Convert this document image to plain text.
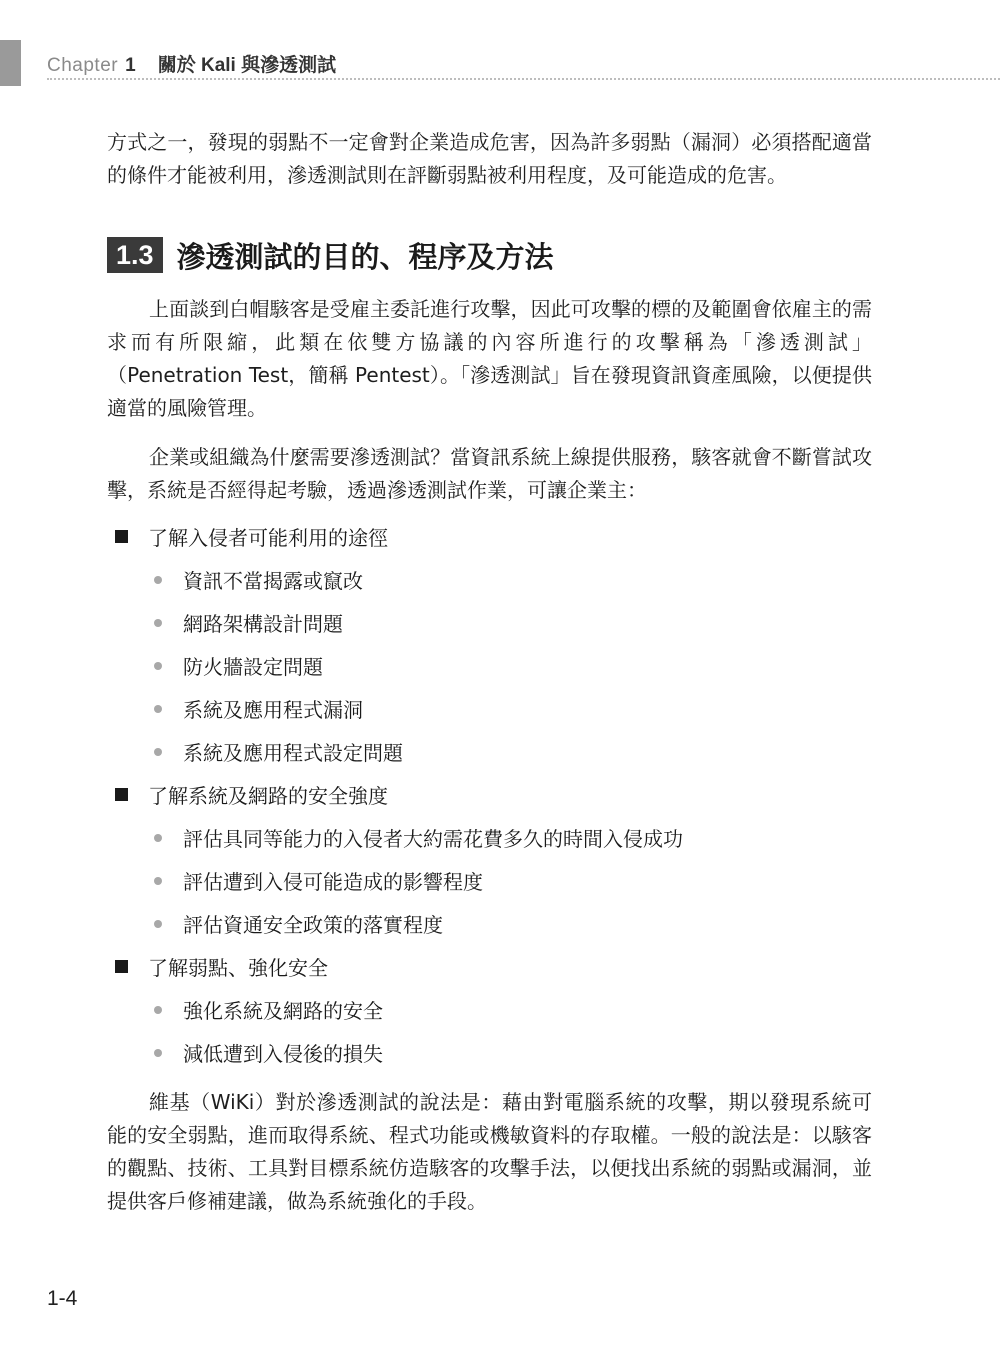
Chapter 1 關於 Kali 與滲透測試

方式之一，發現的弱點不一定會對企業造成危害，因為許多弱點（漏洞）必須搭配適當的條件才能被利用，滲透測試則在評斷弱點被利用程度，及可能造成的危害。

1.3 滲透測試的目的、程序及方法

上面談到白帽駭客是受雇主委託進行攻擊，因此可攻擊的標的及範圍會依雇主的需求而有所限縮，此類在依雙方協議的內容所進行的攻擊稱為「滲透測試」（Penetration Test，簡稱 Pentest）。「滲透測試」旨在發現資訊資產風險，以便提供適當的風險管理。

企業或組織為什麼需要滲透測試？當資訊系統上線提供服務，駭客就會不斷嘗試攻擊，系統是否經得起考驗，透過滲透測試作業，可讓企業主：

了解入侵者可能利用的途徑
資訊不當揭露或竄改
網路架構設計問題
防火牆設定問題
系統及應用程式漏洞
系統及應用程式設定問題
了解系統及網路的安全強度
評估具同等能力的入侵者大約需花費多久的時間入侵成功
評估遭到入侵可能造成的影響程度
評估資通安全政策的落實程度
了解弱點、強化安全
強化系統及網路的安全
減低遭到入侵後的損失

維基（WiKi）對於滲透測試的說法是：藉由對電腦系統的攻擊，期以發現系統可能的安全弱點，進而取得系統、程式功能或機敏資料的存取權。一般的說法是：以駭客的觀點、技術、工具對目標系統仿造駭客的攻擊手法，以便找出系統的弱點或漏洞，並提供客戶修補建議，做為系統強化的手段。

1-4
